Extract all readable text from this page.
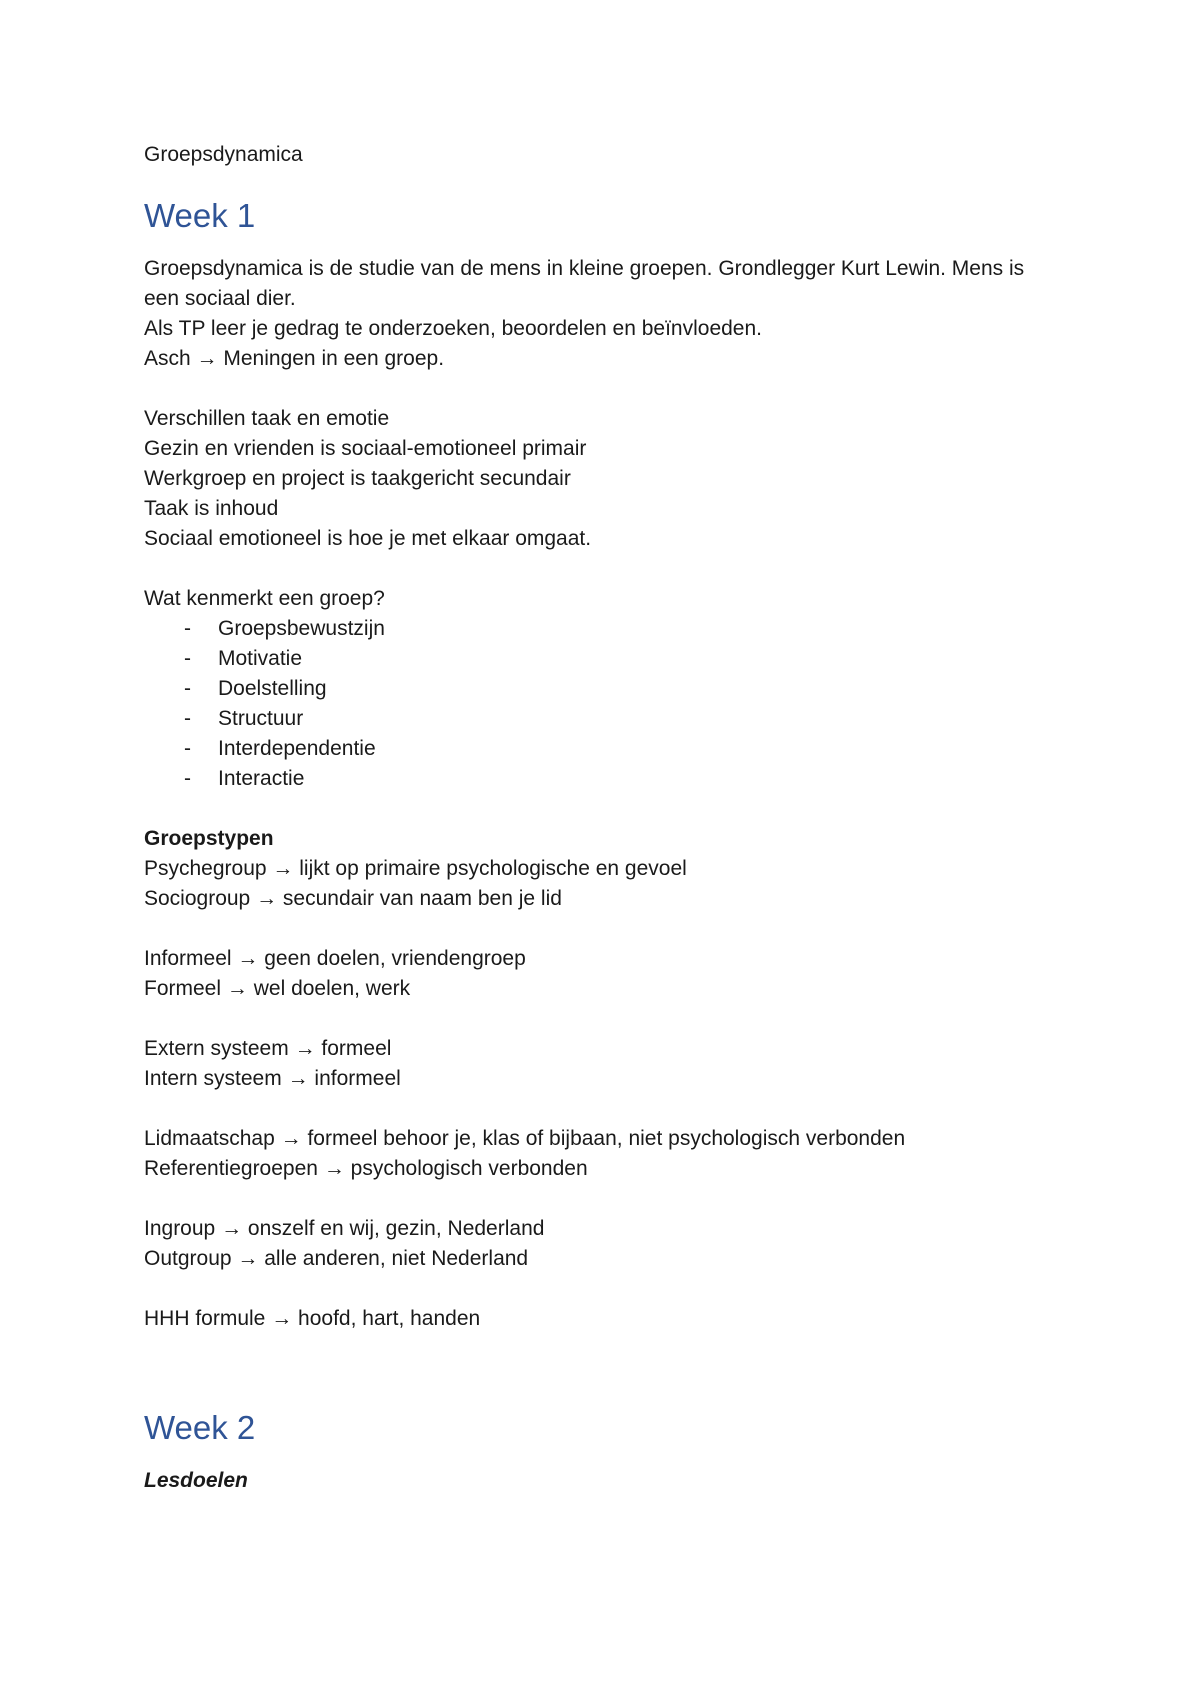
Groepsdynamica
Week 1
Groepsdynamica is de studie van de mens in kleine groepen. Grondlegger Kurt Lewin. Mens is een sociaal dier.
Als TP leer je gedrag te onderzoeken, beoordelen en beïnvloeden.
Asch → Meningen in een groep.
Verschillen taak en emotie
Gezin en vrienden is sociaal-emotioneel primair
Werkgroep en project is taakgericht secundair
Taak is inhoud
Sociaal emotioneel is hoe je met elkaar omgaat.
Wat kenmerkt een groep?
- Groepsbewustzijn
- Motivatie
- Doelstelling
- Structuur
- Interdependentie
- Interactie
Groepstypen
Psychegroup → lijkt op primaire psychologische en gevoel
Sociogroup → secundair van naam ben je lid
Informeel → geen doelen, vriendengroep
Formeel → wel doelen, werk
Extern systeem → formeel
Intern systeem → informeel
Lidmaatschap → formeel behoor je, klas of bijbaan, niet psychologisch verbonden
Referentiegroepen → psychologisch verbonden
Ingroup → onszelf en wij, gezin, Nederland
Outgroup → alle anderen, niet Nederland
HHH formule → hoofd, hart, handen
Week 2
Lesdoelen
